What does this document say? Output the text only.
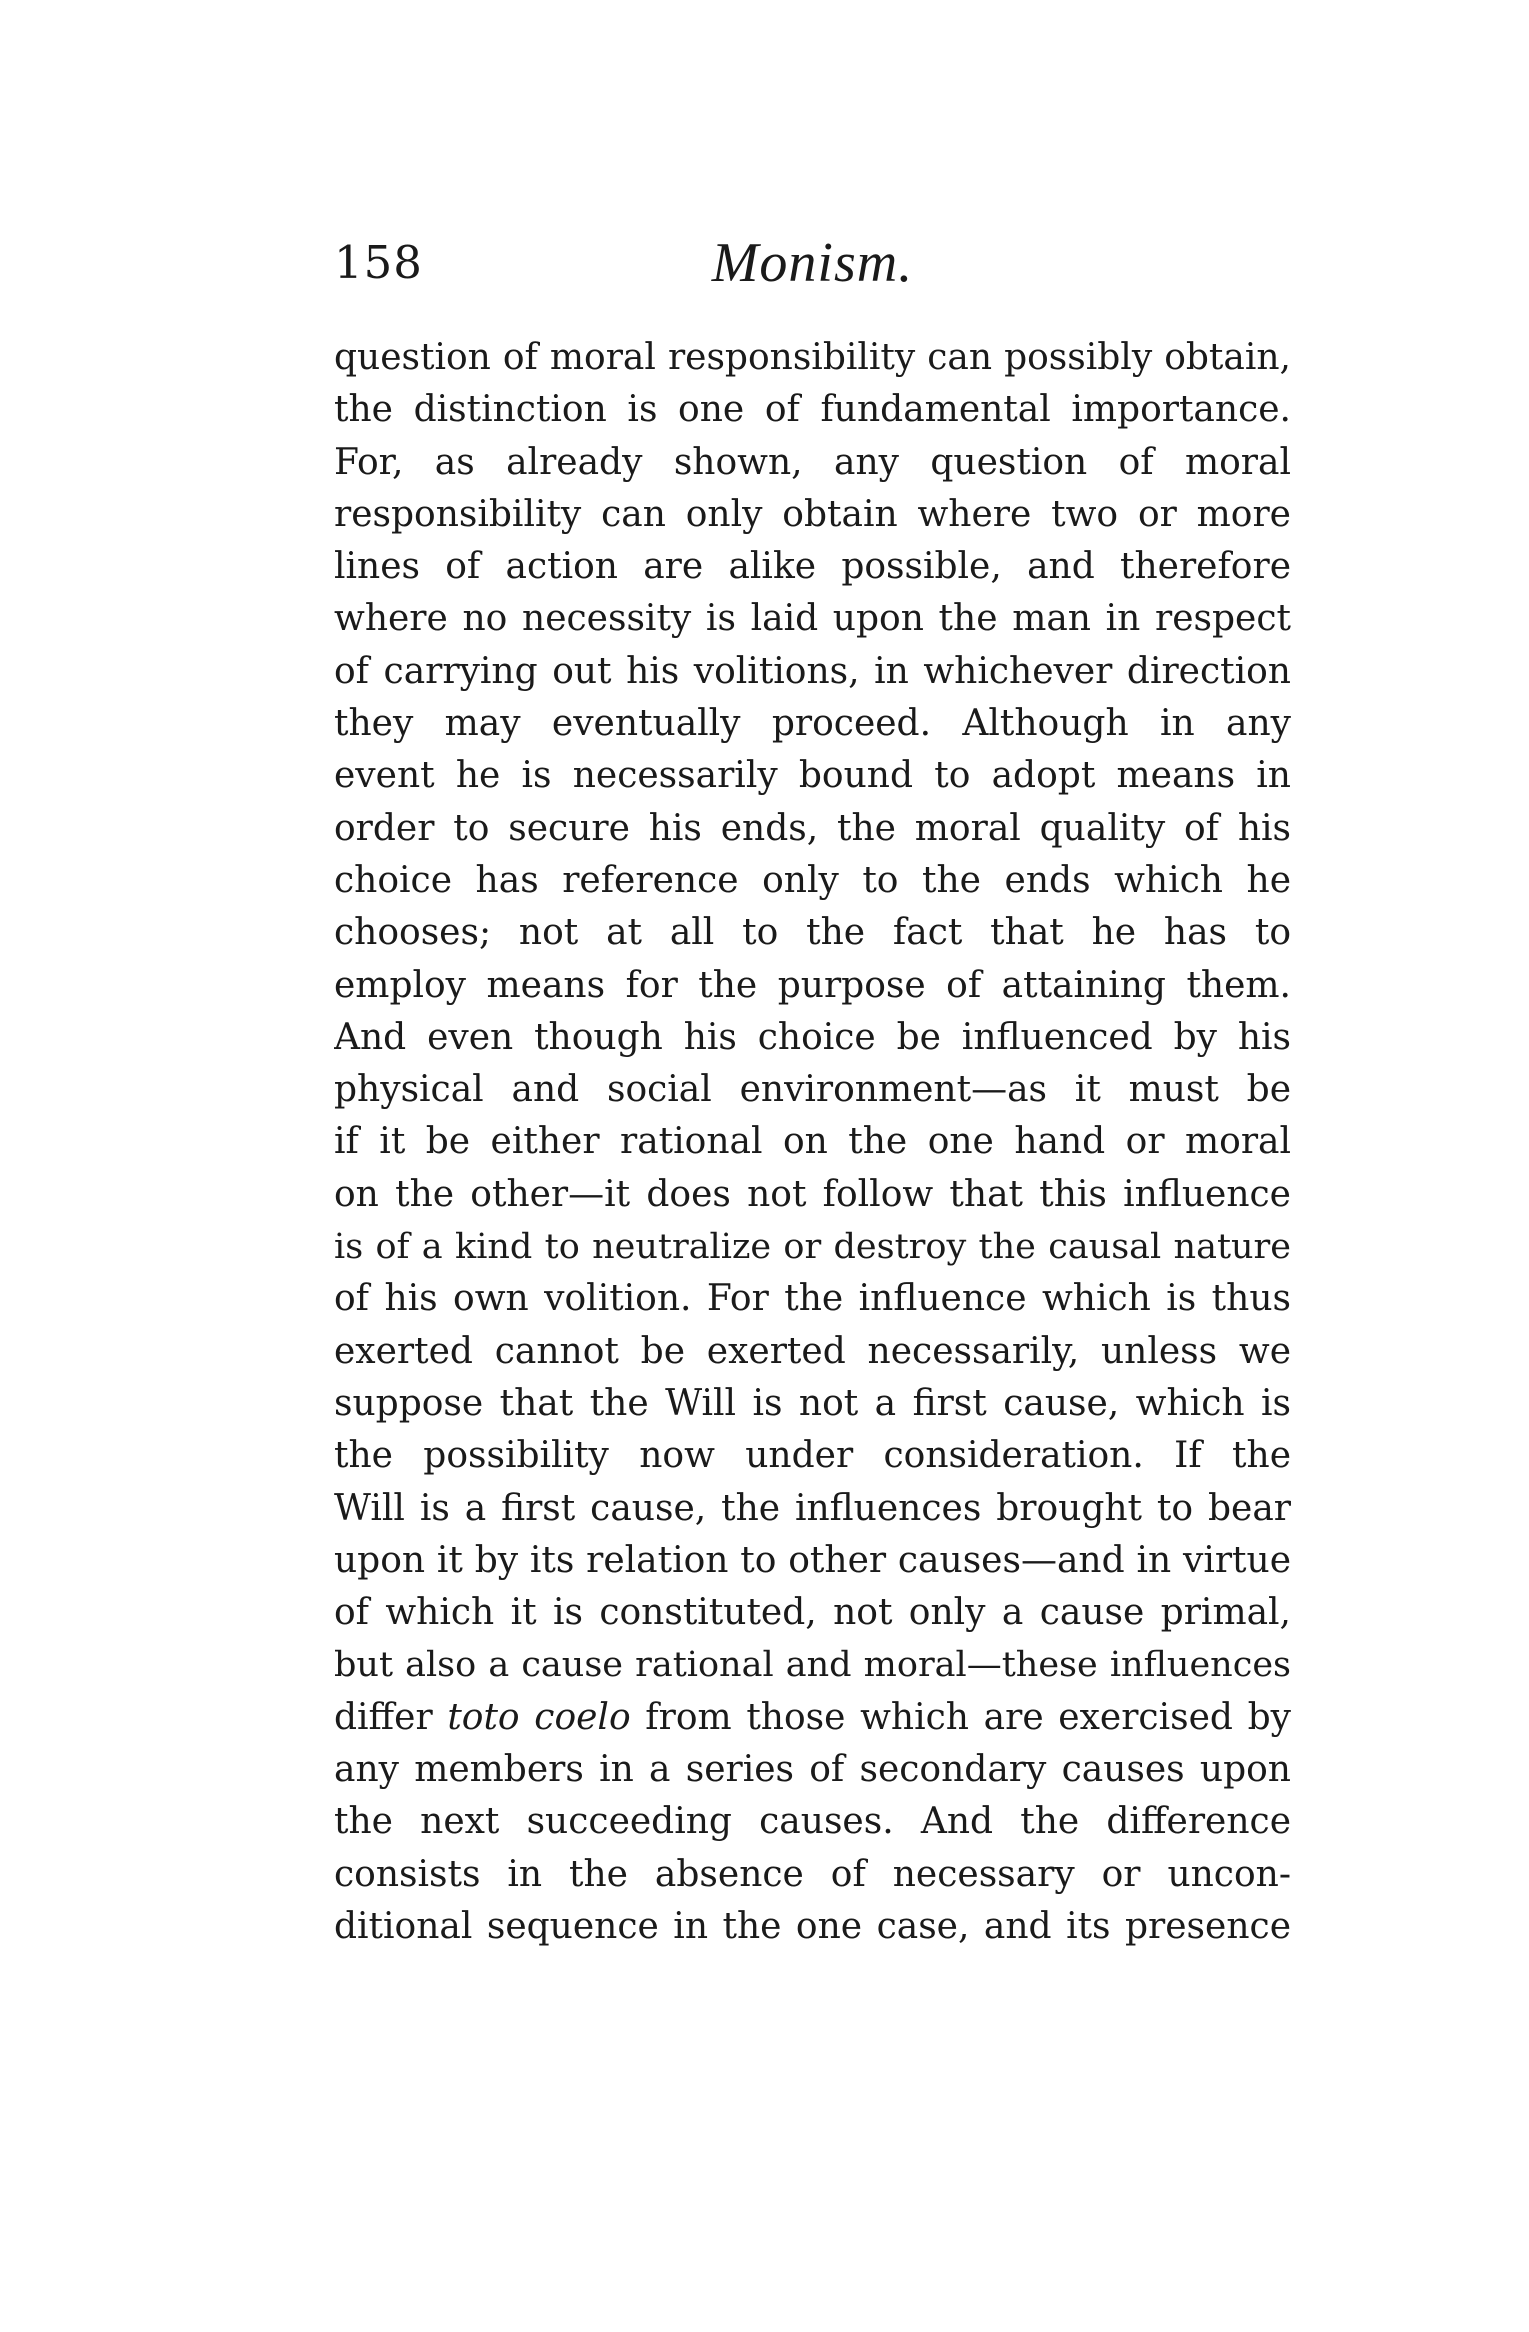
158	Monism.
question of moral responsibility can possibly obtain,
the distinction is one of fundamental importance.
For, as already shown, any question of moral
responsibility can only obtain where two or more
lines of action are alike possible, and therefore
where no necessity is laid upon the man in respect
of carrying out his volitions, in whichever direction
they may eventually proceed. Although in any
event he is necessarily bound to adopt means in
order to secure his ends, the moral quality of his
choice has reference only to the ends which he
chooses; not at all to the fact that he has to
employ means for the purpose of attaining them.
And even though his choice be influenced by his
physical and social environment—as it must be
if it be either rational on the one hand or moral
on the other—it does not follow that this influence
is of a kind to neutralize or destroy the causal nature
of his own volition. For the influence which is thus
exerted cannot be exerted necessarily, unless we
suppose that the Will is not a first cause, which is
the possibility now under consideration. If the
Will is a first cause, the influences brought to bear
upon it by its relation to other causes—and in virtue
of which it is constituted, not only a cause primal,
but also a cause rational and moral—these influences
differ toto coelo from those which are exercised by
any members in a series of secondary causes upon
the next succeeding causes. And the difference
consists in the absence of necessary or uncon-
ditional sequence in the one case, and its presence
